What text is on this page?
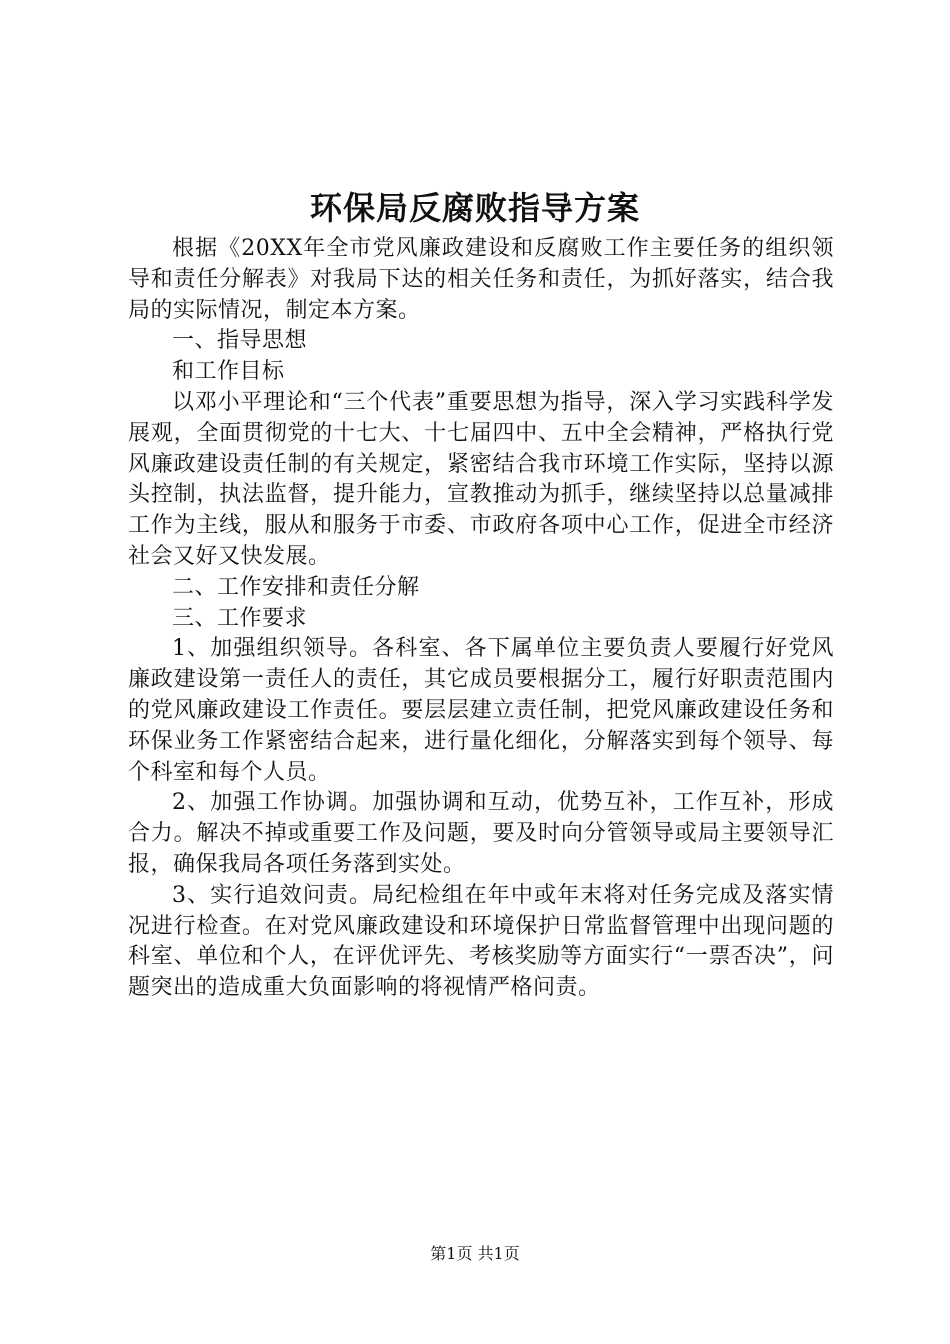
环保局反腐败指导方案

根据《20XX年全市党风廉政建设和反腐败工作主要任务的组织领导和责任分解表》对我局下达的相关任务和责任，为抓好落实，结合我局的实际情况，制定本方案。

一、指导思想

和工作目标

以邓小平理论和“三个代表”重要思想为指导，深入学习实践科学发展观，全面贯彻党的十七大、十七届四中、五中全会精神，严格执行党风廉政建设责任制的有关规定，紧密结合我市环境工作实际，坚持以源头控制，执法监督，提升能力，宣教推动为抓手，继续坚持以总量减排工作为主线，服从和服务于市委、市政府各项中心工作，促进全市经济社会又好又快发展。

二、工作安排和责任分解

三、工作要求

1、加强组织领导。各科室、各下属单位主要负责人要履行好党风廉政建设第一责任人的责任，其它成员要根据分工，履行好职责范围内的党风廉政建设工作责任。要层层建立责任制，把党风廉政建设任务和环保业务工作紧密结合起来，进行量化细化，分解落实到每个领导、每个科室和每个人员。

2、加强工作协调。加强协调和互动，优势互补，工作互补，形成合力。解决不掉或重要工作及问题，要及时向分管领导或局主要领导汇报，确保我局各项任务落到实处。

3、实行追效问责。局纪检组在年中或年末将对任务完成及落实情况进行检查。在对党风廉政建设和环境保护日常监督管理中出现问题的科室、单位和个人，在评优评先、考核奖励等方面实行“一票否决”，问题突出的造成重大负面影响的将视情严格问责。

第1页 共1页
